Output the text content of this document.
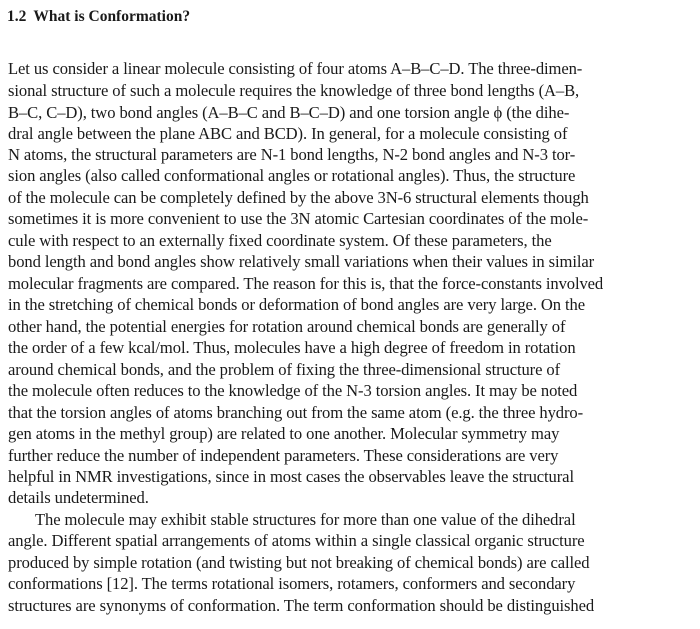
1.2 What is Conformation?
Let us consider a linear molecule consisting of four atoms A–B–C–D. The three-dimen-
sional structure of such a molecule requires the knowledge of three bond lengths (A–B,
B–C, C–D), two bond angles (A–B–C and B–C–D) and one torsion angle ϕ (the dihe-
dral angle between the plane ABC and BCD). In general, for a molecule consisting of
N atoms, the structural parameters are N-1 bond lengths, N-2 bond angles and N-3 tor-
sion angles (also called conformational angles or rotational angles). Thus, the structure
of the molecule can be completely defined by the above 3N-6 structural elements though
sometimes it is more convenient to use the 3N atomic Cartesian coordinates of the mole-
cule with respect to an externally fixed coordinate system. Of these parameters, the
bond length and bond angles show relatively small variations when their values in similar
molecular fragments are compared. The reason for this is, that the force-constants involved
in the stretching of chemical bonds or deformation of bond angles are very large. On the
other hand, the potential energies for rotation around chemical bonds are generally of
the order of a few kcal/mol. Thus, molecules have a high degree of freedom in rotation
around chemical bonds, and the problem of fixing the three-dimensional structure of
the molecule often reduces to the knowledge of the N-3 torsion angles. It may be noted
that the torsion angles of atoms branching out from the same atom (e.g. the three hydro-
gen atoms in the methyl group) are related to one another. Molecular symmetry may
further reduce the number of independent parameters. These considerations are very
helpful in NMR investigations, since in most cases the observables leave the structural
details undetermined.
The molecule may exhibit stable structures for more than one value of the dihedral
angle. Different spatial arrangements of atoms within a single classical organic structure
produced by simple rotation (and twisting but not breaking of chemical bonds) are called
conformations [12]. The terms rotational isomers, rotamers, conformers and secondary
structures are synonyms of conformation. The term conformation should be distinguished
